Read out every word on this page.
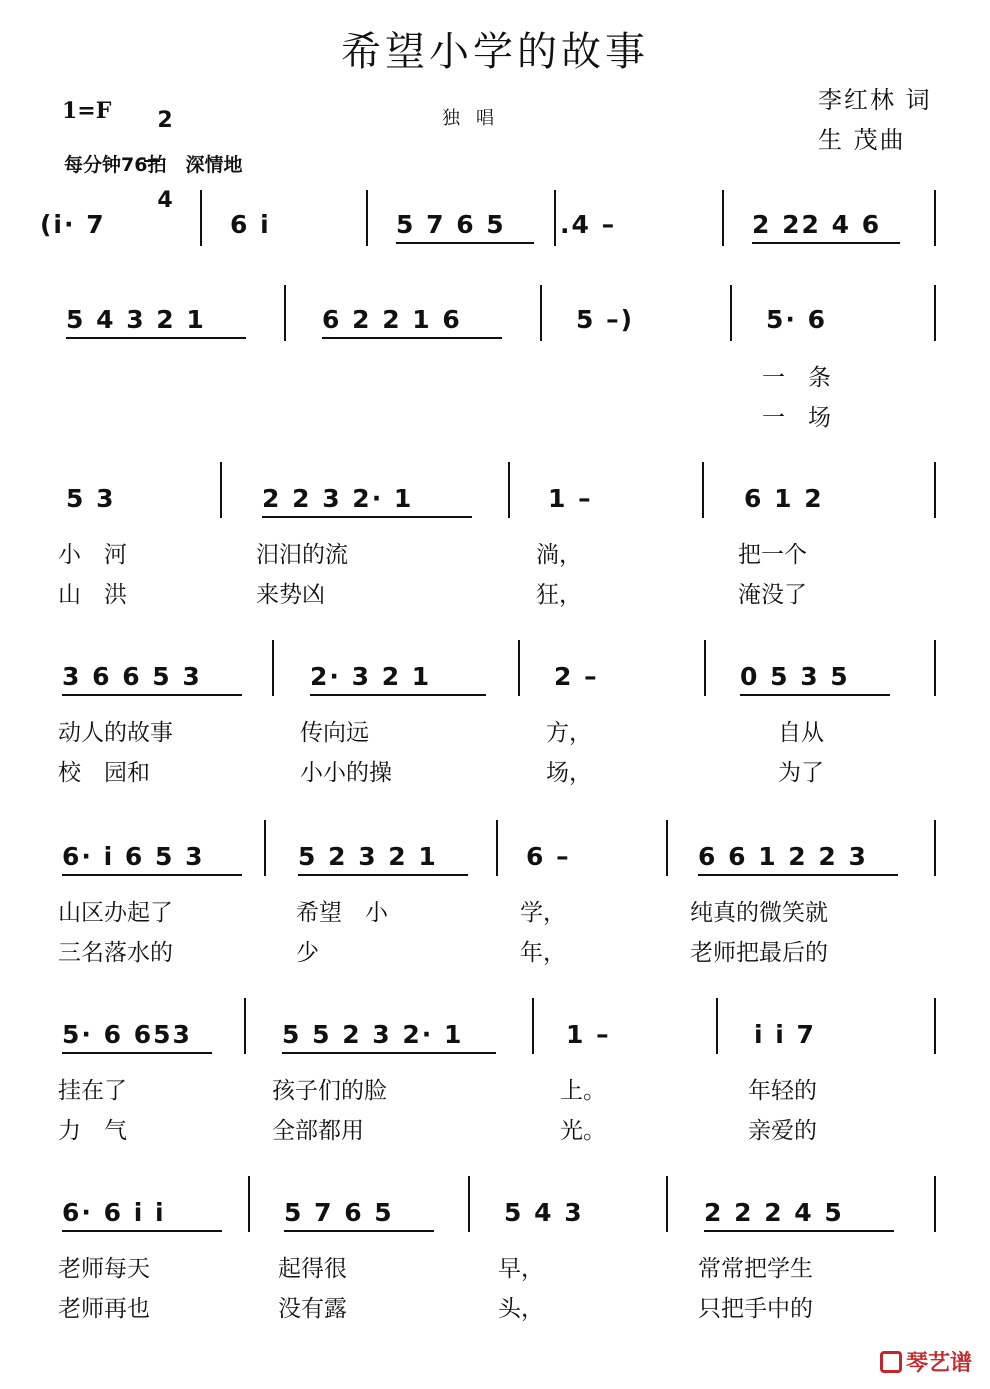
希望小学的故事
1=F	2

4

独唱
李红林 词
生 茂曲
每分钟76拍　深情地
(i· 7	6 i	5 7 6 5 .4 –	2 22 4 6
5 4 3 2 1	6 2 2 1 6	5 –)	5· 6
一　条
一　场
5 3	2 2 3 2· 1	1 –	6 1 2
小　河	汨汨的流	淌，	把一个
山　洪	来势凶	狂，	淹没了
3 6 6 5 3	2· 3 2 1	2 –	0 5 3 5
动人的故事	传向远	方，	自从
校　园和	小小的操	场，	为了
6· i 6 5 3	5 2 3 2 1	6 –	6 6 1 2 2 3
山区办起了	希望　小	学，	纯真的微笑就
三名落水的	少	年，	老师把最后的
5· 6 653	5 5 2 3 2· 1	1 –	i i 7
挂在了	孩子们的脸	上。	年轻的
力　气	全部都用	光。	亲爱的
6· 6 i i	5 7 6 5	5 4 3	2 2 2 4 5
老师每天	起得很	早，	常常把学生
老师再也	没有露	头，	只把手中的
琴艺谱
